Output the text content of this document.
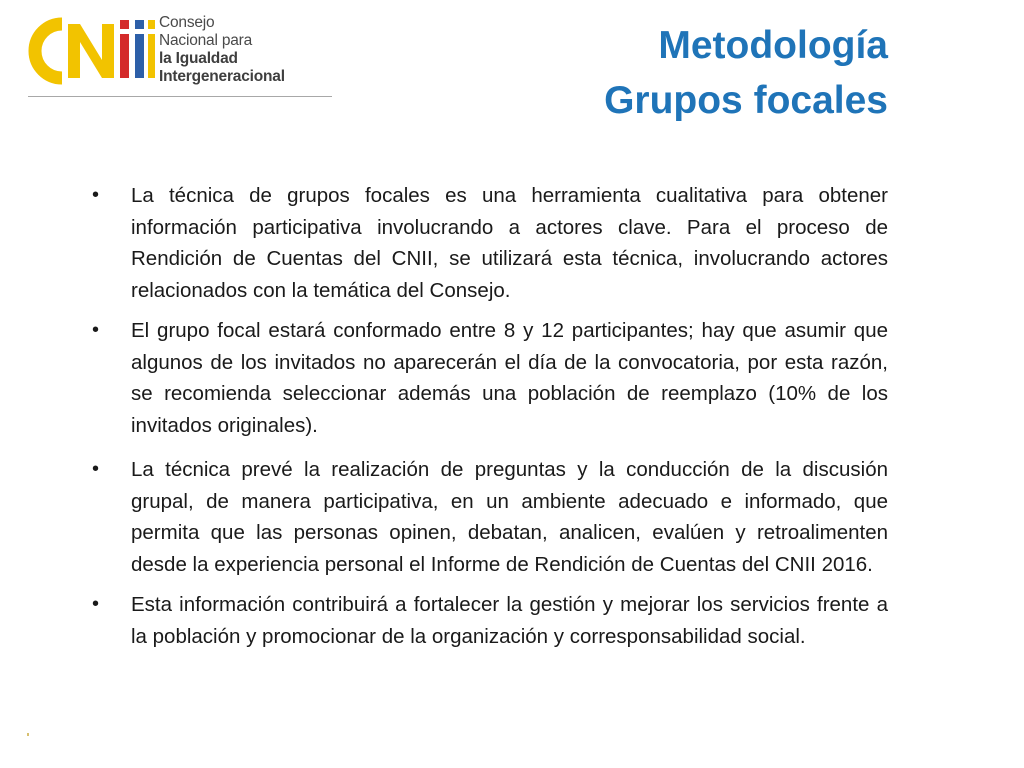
Consejo
Nacional para
la Igualdad
Intergeneracional
Metodología
Grupos focales
• La técnica de grupos focales es una herramienta cualitativa para obtener información participativa involucrando a actores clave. Para el proceso de Rendición de Cuentas del CNII, se utilizará esta técnica, involucrando actores relacionados con la temática del Consejo.
• El grupo focal estará conformado entre 8 y 12 participantes; hay que asumir que algunos de los invitados no aparecerán el día de la convocatoria, por esta razón, se recomienda seleccionar además una población de reemplazo (10% de los invitados originales).
• La técnica prevé la realización de preguntas y la conducción de la discusión grupal, de manera participativa, en un ambiente adecuado e informado, que permita que las personas opinen, debatan, analicen, evalúen y retroalimenten desde la experiencia personal el Informe de Rendición de Cuentas del CNII 2016.
• Esta información contribuirá a fortalecer la gestión y mejorar los servicios frente a la población y promocionar de la organización y corresponsabilidad social.
